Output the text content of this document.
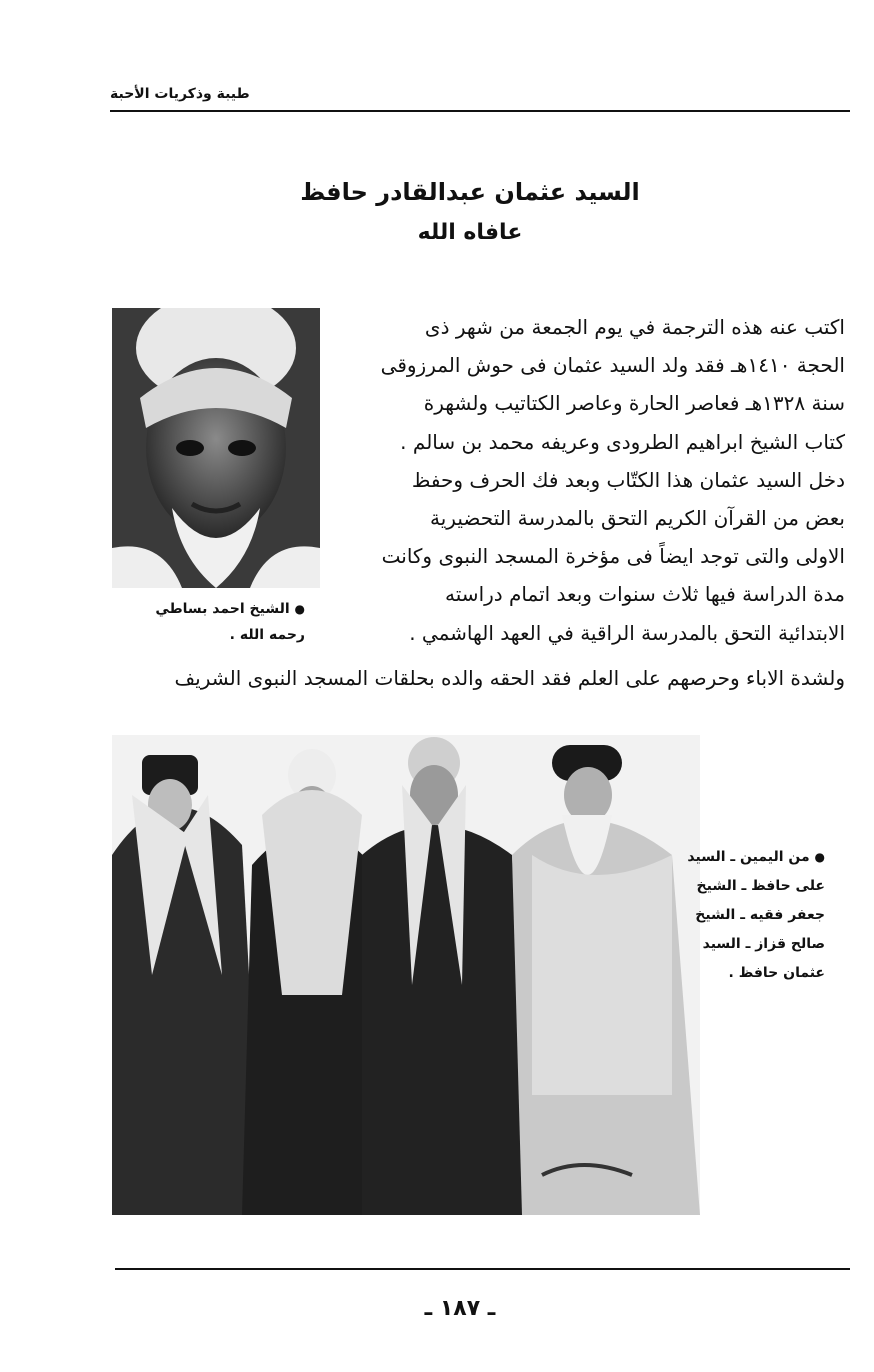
طيبة وذكريات الأحبة
السيد عثمان عبدالقادر حافظ
عافاه الله
● الشيخ احمد بساطي
رحمه الله .

اكتب عنه هذه الترجمة في يوم الجمعة من شهر ذى

الحجة ١٤١٠هـ فقد ولد السيد عثمان فى حوش المرزوقى

سنة ١٣٢٨هـ فعاصر الحارة وعاصر الكتاتيب ولشهرة

كتاب الشيخ ابراهيم الطرودى وعريفه محمد بن سالم .

دخل السيد عثمان هذا الكتّاب وبعد فك الحرف وحفظ

بعض من القرآن الكريم التحق بالمدرسة التحضيرية

الاولى والتى توجد ايضاً فى مؤخرة المسجد النبوى وكانت

مدة الدراسة فيها ثلاث سنوات وبعد اتمام دراسته

الابتدائية التحق بالمدرسة الراقية في العهد الهاشمي .

ولشدة الاباء وحرصهم على العلم فقد الحقه والده بحلقات المسجد النبوى الشريف
● من اليمين ـ السيد
على حافظ ـ الشيخ
جعفر فقيه ـ الشيخ
صالح قزاز ـ السيد
عثمان حافظ .
ـ ١٨٧ ـ
